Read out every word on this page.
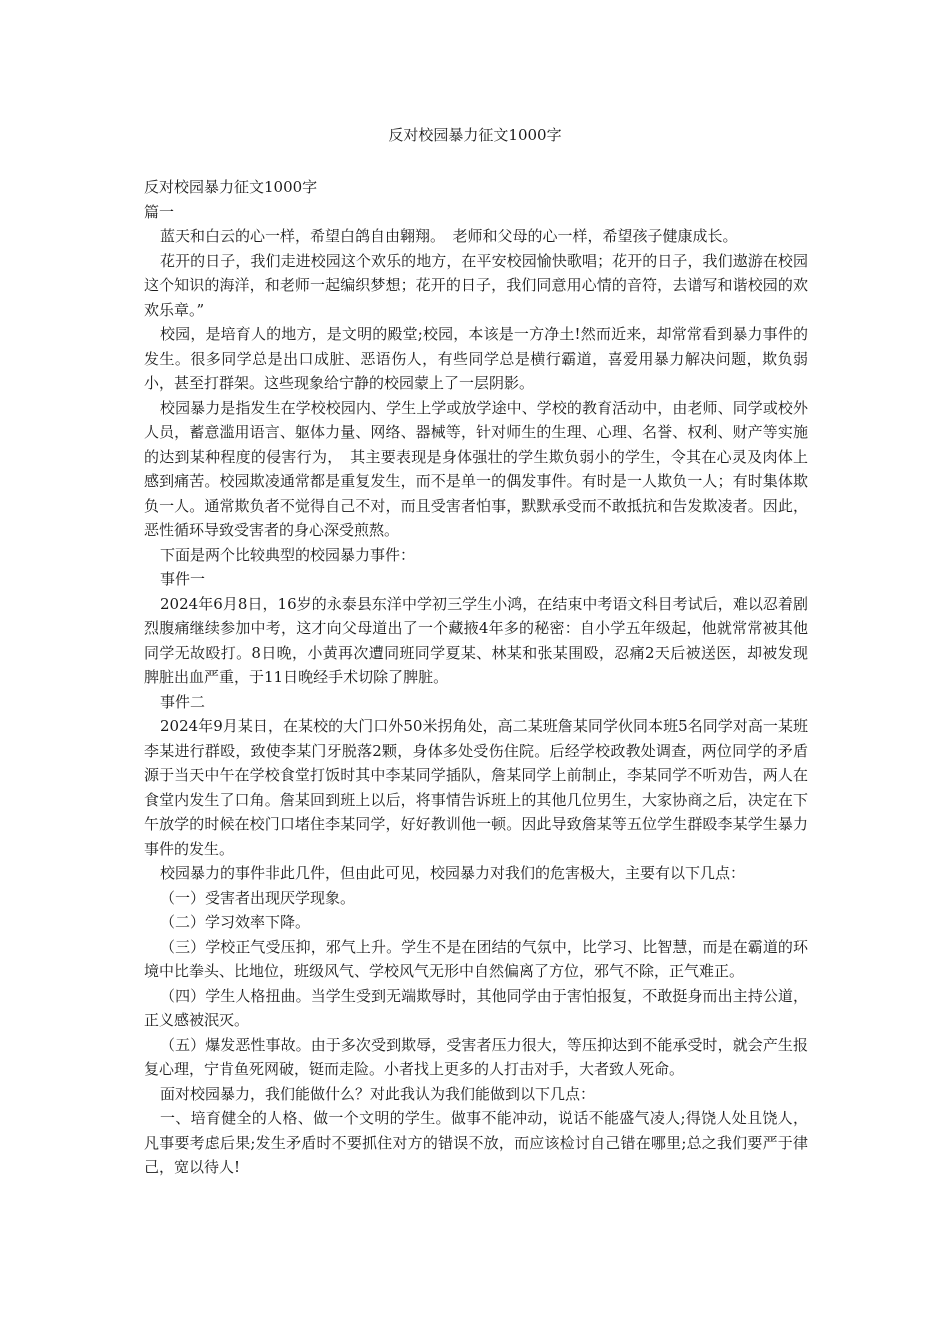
反对校园暴力征文1000字

反对校园暴力征文1000字

篇一

蓝天和白云的心一样，希望白鸽自由翱翔。　老师和父母的心一样，希望孩子健康成长。

花开的日子，我们走进校园这个欢乐的地方，在平安校园愉快歌唱；花开的日子，我们遨游在校园这个知识的海洋，和老师一起编织梦想；花开的日子，我们同意用心情的音符，去谱写和谐校园的欢欢乐章。”

校园，是培育人的地方，是文明的殿堂;校园，本该是一方净土!然而近来，却常常看到暴力事件的发生。很多同学总是出口成脏、恶语伤人，有些同学总是横行霸道，喜爱用暴力解决问题，欺负弱小，甚至打群架。这些现象给宁静的校园蒙上了一层阴影。

校园暴力是指发生在学校校园内、学生上学或放学途中、学校的教育活动中，由老师、同学或校外人员，蓄意滥用语言、躯体力量、网络、器械等，针对师生的生理、心理、名誉、权利、财产等实施的达到某种程度的侵害行为，　其主要表现是身体强壮的学生欺负弱小的学生，令其在心灵及肉体上感到痛苦。校园欺凌通常都是重复发生，而不是单一的偶发事件。有时是一人欺负一人；有时集体欺负一人。通常欺负者不觉得自己不对，而且受害者怕事，默默承受而不敢抵抗和告发欺凌者。因此，恶性循环导致受害者的身心深受煎熬。

下面是两个比较典型的校园暴力事件：

事件一

2024年6月8日，16岁的永泰县东洋中学初三学生小鸿，在结束中考语文科目考试后，难以忍着剧烈腹痛继续参加中考，这才向父母道出了一个藏掖4年多的秘密：自小学五年级起，他就常常被其他同学无故殴打。8日晚，小黄再次遭同班同学夏某、林某和张某围殴，忍痛2天后被送医，却被发现脾脏出血严重，于11日晚经手术切除了脾脏。

事件二

2024年9月某日，在某校的大门口外50米拐角处，高二某班詹某同学伙同本班5名同学对高一某班李某进行群殴，致使李某门牙脱落2颗，身体多处受伤住院。后经学校政教处调查，两位同学的矛盾源于当天中午在学校食堂打饭时其中李某同学插队，詹某同学上前制止，李某同学不听劝告，两人在食堂内发生了口角。詹某回到班上以后，将事情告诉班上的其他几位男生，大家协商之后，决定在下午放学的时候在校门口堵住李某同学，好好教训他一顿。因此导致詹某等五位学生群殴李某学生暴力事件的发生。

校园暴力的事件非此几件，但由此可见，校园暴力对我们的危害极大，主要有以下几点：

（一）受害者出现厌学现象。

（二）学习效率下降。

（三）学校正气受压抑，邪气上升。学生不是在团结的气氛中，比学习、比智慧，而是在霸道的环境中比拳头、比地位，班级风气、学校风气无形中自然偏离了方位，邪气不除，正气难正。

（四）学生人格扭曲。当学生受到无端欺辱时，其他同学由于害怕报复，不敢挺身而出主持公道，正义感被泯灭。

（五）爆发恶性事故。由于多次受到欺辱，受害者压力很大，等压抑达到不能承受时，就会产生报复心理，宁肯鱼死网破，铤而走险。小者找上更多的人打击对手，大者致人死命。

面对校园暴力，我们能做什么？对此我认为我们能做到以下几点：

一、培育健全的人格、做一个文明的学生。做事不能冲动，说话不能盛气凌人;得饶人处且饶人，凡事要考虑后果;发生矛盾时不要抓住对方的错误不放，而应该检讨自己错在哪里;总之我们要严于律己，宽以待人!
